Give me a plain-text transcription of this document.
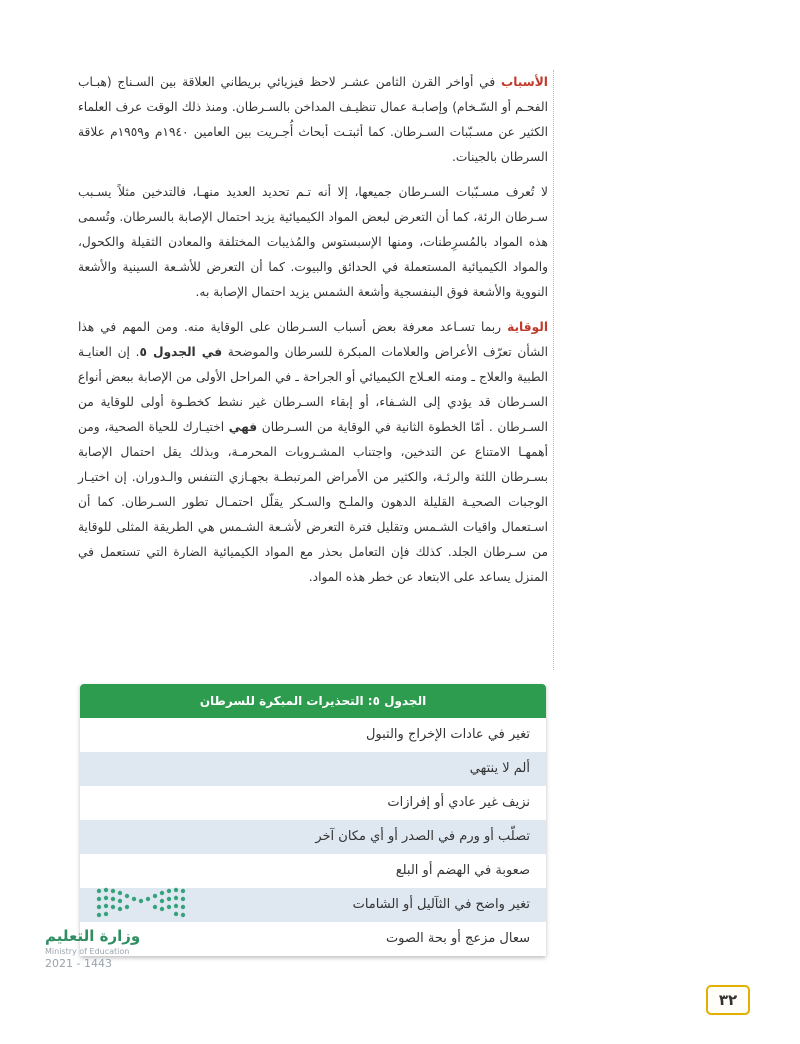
الأسباب في أواخر القرن الثامن عشـر لاحظ فيزيائي بريطاني العلاقة بين السـناج (هبـاب الفحـم أو السّـخام) وإصابـة عمال تنظيـف المداخن بالسـرطان. ومنذ ذلك الوقت عرف العلماء الكثير عن مسـبّبات السـرطان. كما أثبتـت أبحاث أُجـريت بين العامين ١٩٤٠م و١٩٥٩م علاقة السرطان بالجينات.

لا تُعرف مسـبّبات السـرطان جميعها، إلا أنه تـم تحديد العديد منهـا، فالتدخين مثلاً يسـبب سـرطان الرئة، كما أن التعرض لبعض المواد الكيميائية يزيد احتمال الإصابة بالسرطان. وتُسمى هذه المواد بالمُسرِطنات، ومنها الإسبستوس والمُذيبات المختلفة والمعادن الثقيلة والكحول، والمواد الكيميائية المستعملة في الحدائق والبيوت. كما أن التعرض للأشـعة السينية والأشعة النووية والأشعة فوق البنفسجية وأشعة الشمس يزيد احتمال الإصابة به.

الوقاية ربما تسـاعد معرفة بعض أسباب السـرطان على الوقاية منه. ومن المهم في هذا الشأن تعرّف الأعراض والعلامات المبكرة للسرطان والموضحة في الجدول ٥. إن العنايـة الطبية والعلاج ـ ومنه العـلاج الكيميائي أو الجراحة ـ في المراحل الأولى من الإصابة ببعض أنواع السـرطان قد يؤدي إلى الشـفاء، أو إبقاء السـرطان غير نشط كخطـوة أولى للوقاية من السـرطان . أمّا الخطوة الثانية في الوقاية من السـرطان فهي اختيـارك للحياة الصحية، ومن أهمهـا الامتناع عن التدخين، واجتناب المشـروبات المحرمـة، وبذلك يقل احتمال الإصابة بسـرطان اللثة والرئـة، والكثير من الأمراض المرتبطـة بجهـازي التنفس والـدوران. إن اختيـار الوجبات الصحيـة القليلة الدهون والملـح والسـكر يقلّل احتمـال تطور السـرطان. كما أن اسـتعمال واقيات الشـمس وتقليل فترة التعرض لأشـعة الشـمس هي الطريقة المثلى للوقاية من سـرطان الجلد. كذلك فإن التعامل بحذر مع المواد الكيميائية الضارة التي تستعمل في المنزل يساعد على الابتعاد عن خطر هذه المواد.

الجدول ٥: التحذيرات المبكرة للسرطان
تغير في عادات الإخراج والتبول
ألم لا ينتهي
نزيف غير عادي أو إفرازات
تصلّب أو ورم في الصدر أو أي مكان آخر
صعوبة في الهضم أو البلع
تغير واضح في الثآليل أو الشامات
سعال مزعج أو بحة الصوت
وزارة التعليم
Ministry of Education
2021 - 1443
٣٢
